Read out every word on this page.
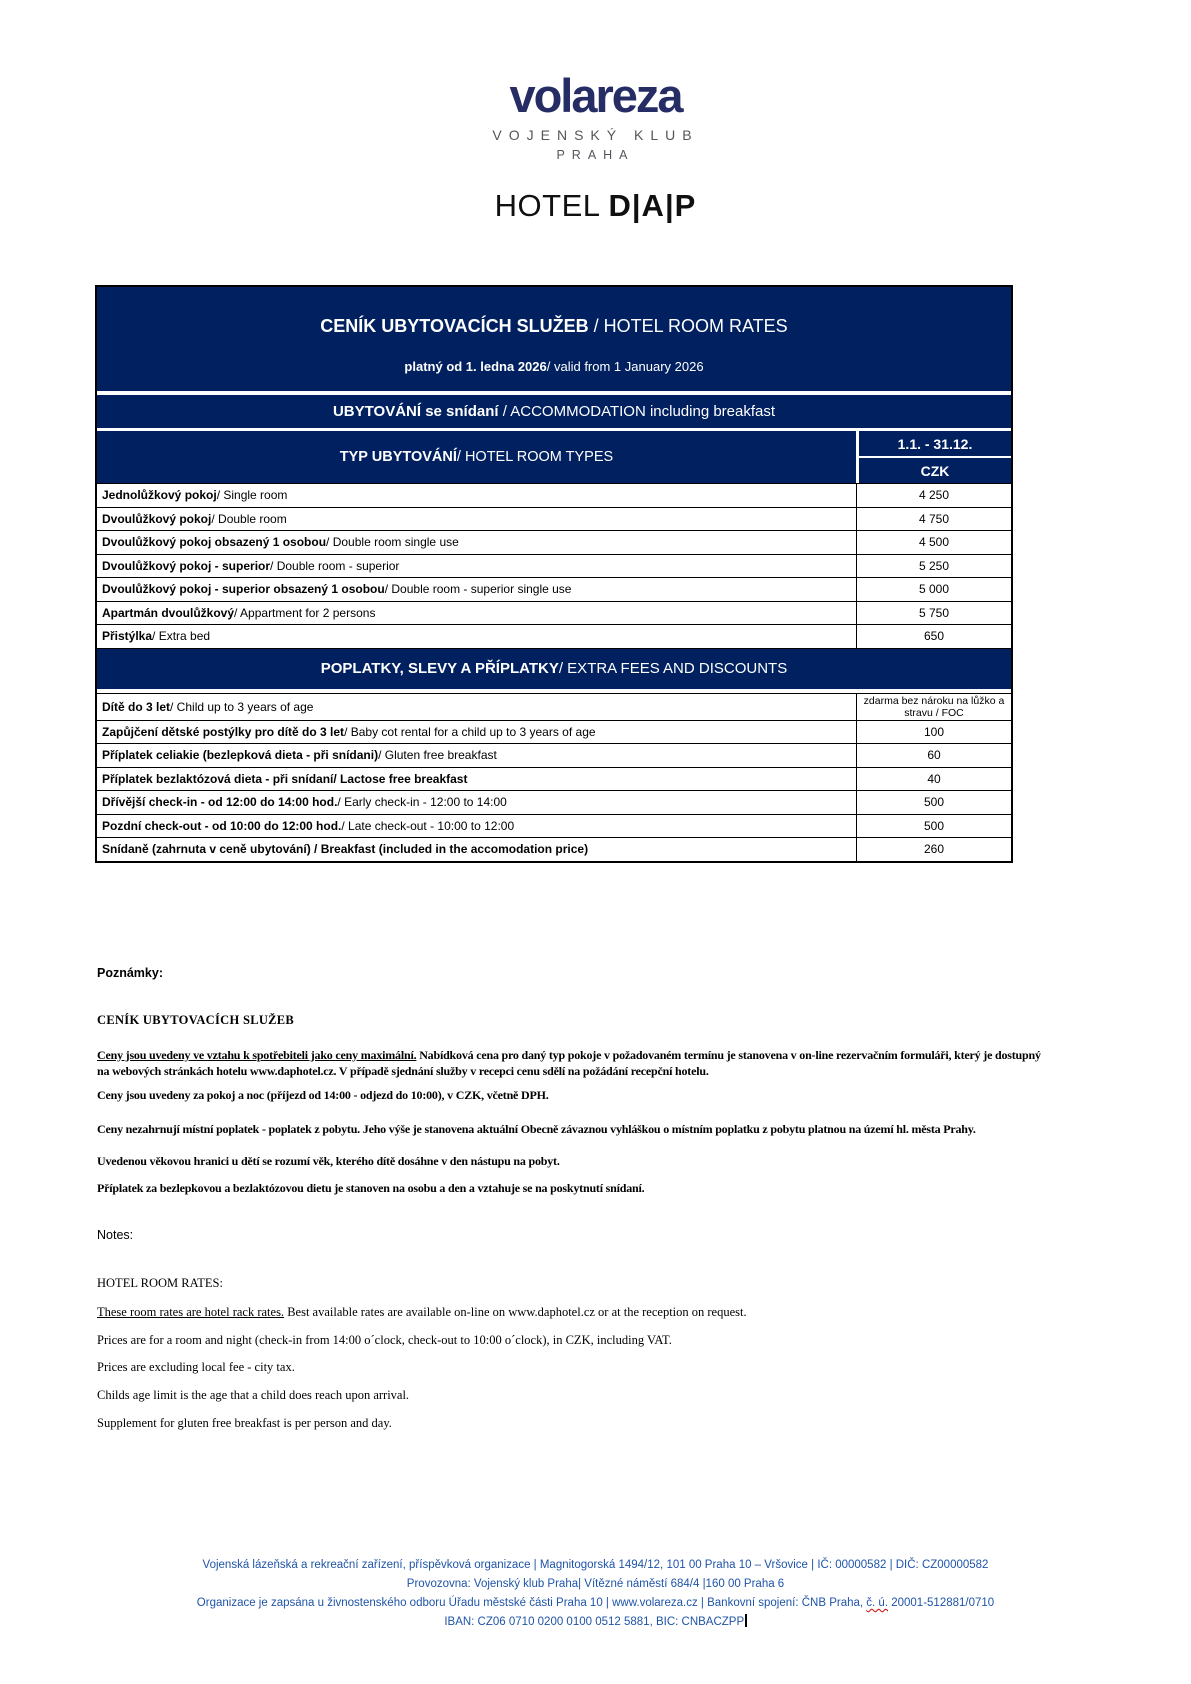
volareza
VOJENSKÝ KLUB
PRAHA
HOTEL D|A|P
CENÍK UBYTOVACÍCH SLUŽEB / HOTEL ROOM RATES
platný od 1. ledna 2026/ valid from 1 January 2026
UBYTOVÁNÍ se snídaní / ACCOMMODATION including breakfast
TYP UBYTOVÁNÍ / HOTEL ROOM TYPES
1.1. - 31.12.
CZK
Jednolůžkový pokoj / Single room	4 250
Dvoulůžkový pokoj / Double room	4 750
Dvoulůžkový pokoj obsazený 1 osobou / Double room single use	4 500
Dvoulůžkový pokoj - superior / Double room - superior	5 250
Dvoulůžkový pokoj - superior obsazený 1 osobou / Double room - superior single use	5 000
Apartmán dvoulůžkový / Appartment for 2 persons	5 750
Přistýlka / Extra bed	650
POPLATKY, SLEVY A PŘÍPLATKY / EXTRA FEES AND DISCOUNTS
Dítě do 3 let / Child up to 3 years of age	zdarma bez nároku na lůžko a stravu / FOC
Zapůjčení dětské postýlky pro dítě do 3 let / Baby cot rental for a child up to 3 years of age	100
Příplatek celiakie (bezlepková dieta - při snídani) / Gluten free breakfast	60
Příplatek bezlaktózová dieta - při snídaní/ Lactose free breakfast	40
Dřívější check-in - od 12:00 do 14:00 hod. / Early check-in - 12:00 to 14:00	500
Pozdní check-out - od 10:00 do 12:00 hod. / Late check-out - 10:00 to 12:00	500
Snídaně (zahrnuta v ceně ubytování) / Breakfast (included in the accomodation price)	260
Poznámky:
CENÍK UBYTOVACÍCH SLUŽEB

Ceny jsou uvedeny ve vztahu k spotřebiteli jako ceny maximální. Nabídková cena pro daný typ pokoje v požadovaném termínu je stanovena v on-line rezervačním formuláři, který je dostupný na webových stránkách hotelu www.daphotel.cz. V případě sjednání služby v recepci cenu sdělí na požádání recepční hotelu.

Ceny jsou uvedeny za pokoj a noc (příjezd od 14:00 - odjezd do 10:00), v CZK, včetně DPH.

Ceny nezahrnují místní poplatek - poplatek z pobytu. Jeho výše je stanovena aktuální Obecně závaznou vyhláškou o místním poplatku z pobytu platnou na území hl. města Prahy.

Uvedenou věkovou hranici u dětí se rozumí věk, kterého dítě dosáhne v den nástupu na pobyt.

Příplatek za bezlepkovou a bezlaktózovou dietu je stanoven na osobu a den a vztahuje se na poskytnutí snídaní.

Notes:

HOTEL ROOM RATES:

These room rates are hotel rack rates. Best available rates are available on-line on www.daphotel.cz or at the reception on request.

Prices are for a room and night (check-in from 14:00 o´clock, check-out to 10:00 o´clock), in CZK, including VAT.

Prices are excluding local fee - city tax.

Childs age limit is the age that a child does reach upon arrival.

Supplement for gluten free breakfast is per person and day.

Vojenská lázeňská a rekreační zařízení, příspěvková organizace | Magnitogorská 1494/12, 101 00 Praha 10 – Vršovice | IČ: 00000582 | DIČ: CZ00000582
Provozovna: Vojenský klub Praha| Vítězné náměstí 684/4 |160 00 Praha 6
Organizace je zapsána u živnostenského odboru Úřadu městské části Praha 10 | www.volareza.cz | Bankovní spojení: ČNB Praha, č. ú. 20001-512881/0710
IBAN: CZ06 0710 0200 0100 0512 5881, BIC: CNBACZPP
